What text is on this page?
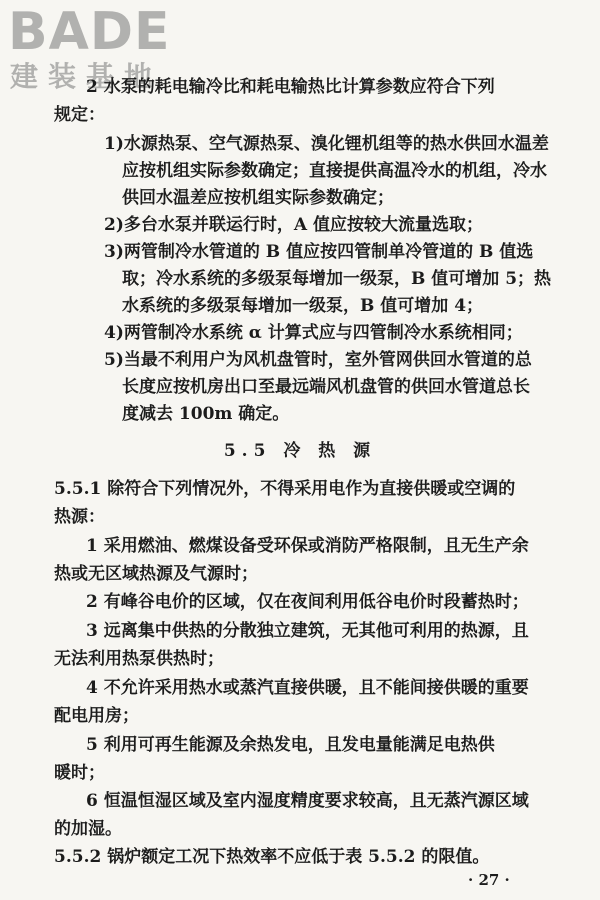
BADE
建装基地
2 水泵的耗电输冷比和耗电输热比计算参数应符合下列
规定：
1)水源热泵、空气源热泵、溴化锂机组等的热水供回水温差
应按机组实际参数确定；直接提供高温冷水的机组，冷水
供回水温差应按机组实际参数确定；
2)多台水泵并联运行时，A 值应按较大流量选取；
3)两管制冷水管道的 B 值应按四管制单冷管道的 B 值选
取；冷水系统的多级泵每增加一级泵，B 值可增加 5；热
水系统的多级泵每增加一级泵，B 值可增加 4；
4)两管制冷水系统 α 计算式应与四管制冷水系统相同；
5)当最不利用户为风机盘管时，室外管网供回水管道的总
长度应按机房出口至最远端风机盘管的供回水管道总长
度减去 100m 确定。
5.5 冷 热 源
5.5.1 除符合下列情况外，不得采用电作为直接供暖或空调的
热源：
1 采用燃油、燃煤设备受环保或消防严格限制，且无生产余
热或无区域热源及气源时；
2 有峰谷电价的区域，仅在夜间利用低谷电价时段蓄热时；
3 远离集中供热的分散独立建筑，无其他可利用的热源，且
无法利用热泵供热时；
4 不允许采用热水或蒸汽直接供暖，且不能间接供暖的重要
配电用房；
5 利用可再生能源及余热发电，且发电量能满足电热供
暖时；
6 恒温恒湿区域及室内湿度精度要求较高，且无蒸汽源区域
的加湿。
5.5.2 锅炉额定工况下热效率不应低于表 5.5.2 的限值。
· 27 ·
